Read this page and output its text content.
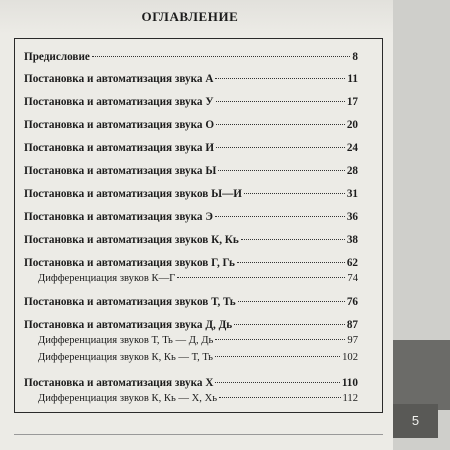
ОГЛАВЛЕНИЕ
Предисловие	8
Постановка и автоматизация звука А	11
Постановка и автоматизация звука У	17
Постановка и автоматизация звука О	20
Постановка и автоматизация звука И	24
Постановка и автоматизация звука Ы	28
Постановка и автоматизация звуков Ы—И	31
Постановка и автоматизация звука Э	36
Постановка и автоматизация звуков К, Кь	38
Постановка и автоматизация звуков Г, Гь	62
Дифференциация звуков К—Г	74
Постановка и автоматизация звуков Т, Ть	76
Постановка и автоматизация звука Д, Дь	87
Дифференциация звуков Т, Ть — Д, Дь	97
Дифференциация звуков К, Кь — Т, Ть	102
Постановка и автоматизация звука Х	110
Дифференциация звуков К, Кь — Х, Хь	112
5
